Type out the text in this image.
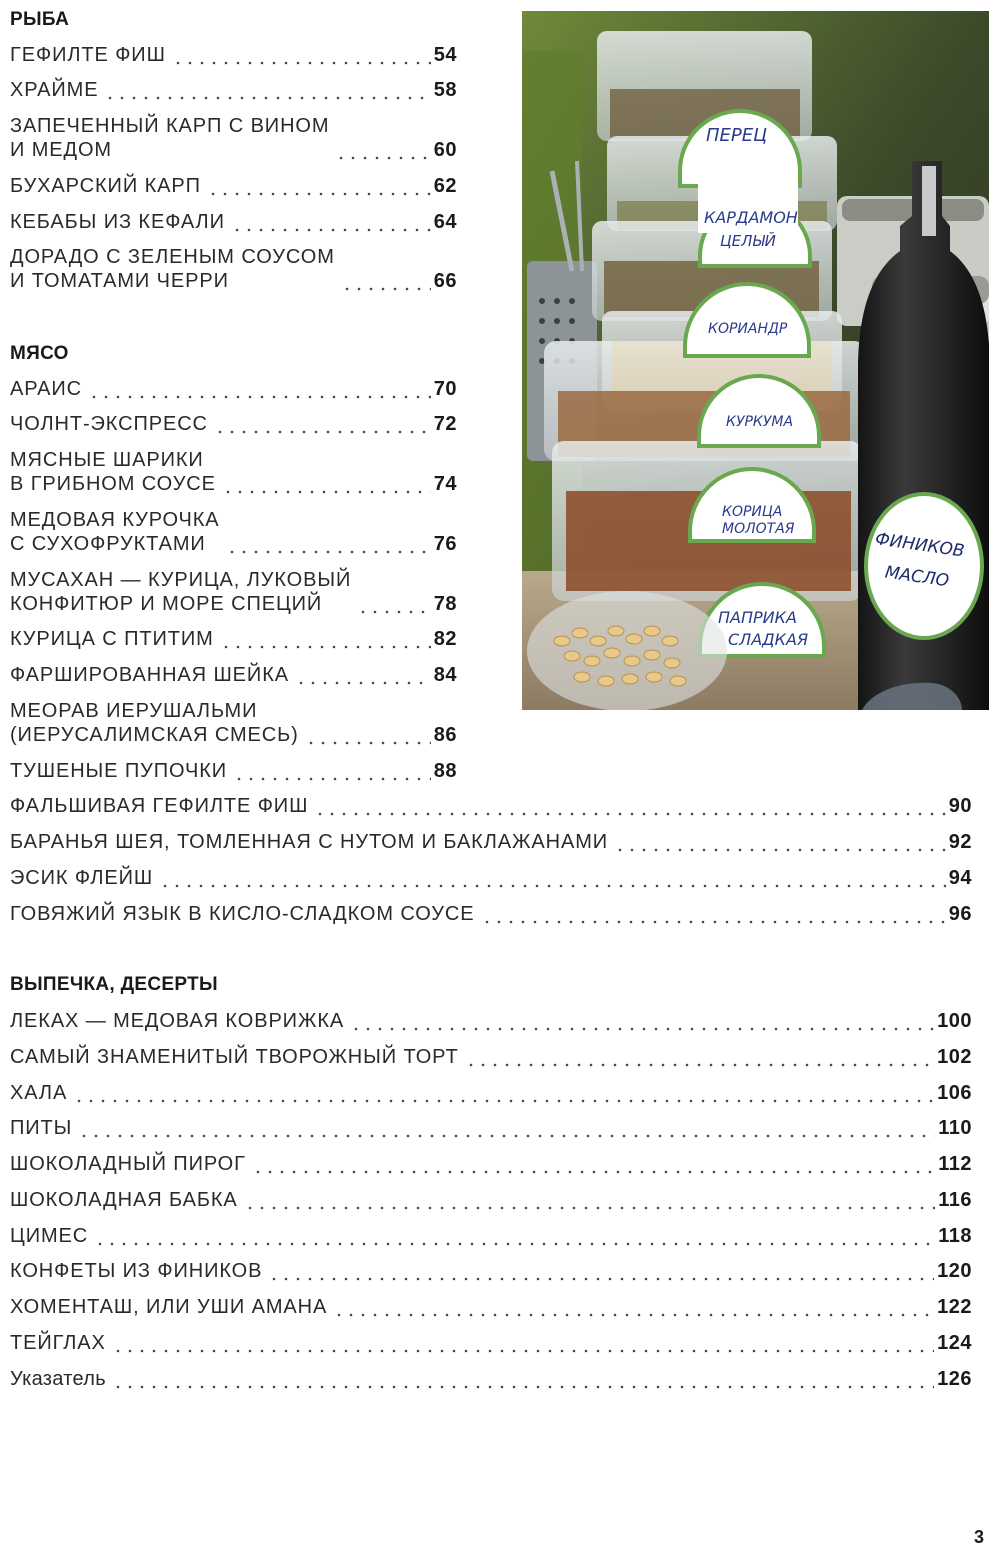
РЫБА
ГЕФИЛТЕ ФИШ	54
ХРАЙМЕ	58
ЗАПЕЧЕННЫЙ КАРП С ВИНОМ
И МЕДОМ	60
БУХАРСКИЙ КАРП	62
КЕБАБЫ ИЗ КЕФАЛИ	64
ДОРАДО С ЗЕЛЕНЫМ СОУСОМ
И ТОМАТАМИ ЧЕРРИ	66
МЯСО
АРАИС	70
ЧОЛНТ-ЭКСПРЕСС	72
МЯСНЫЕ ШАРИКИ
В ГРИБНОМ СОУСЕ	74
МЕДОВАЯ КУРОЧКА
С СУХОФРУКТАМИ	76
МУСАХАН — КУРИЦА, ЛУКОВЫЙ
КОНФИТЮР И МОРЕ СПЕЦИЙ	78
КУРИЦА С ПТИТИМ	82
ФАРШИРОВАННАЯ ШЕЙКА	84
МЕОРАВ ИЕРУШАЛЬМИ
(ИЕРУСАЛИМСКАЯ СМЕСЬ)	86
ТУШЕНЫЕ ПУПОЧКИ	88
ФАЛЬШИВАЯ ГЕФИЛТЕ ФИШ	90
БАРАНЬЯ ШЕЯ, ТОМЛЕННАЯ С НУТОМ И БАКЛАЖАНАМИ	92
ЭСИК ФЛЕЙШ	94
ГОВЯЖИЙ ЯЗЫК В КИСЛО-СЛАДКОМ СОУСЕ	96
ВЫПЕЧКА, ДЕСЕРТЫ
ЛЕКАХ — МЕДОВАЯ КОВРИЖКА	100
САМЫЙ ЗНАМЕНИТЫЙ ТВОРОЖНЫЙ ТОРТ	102
ХАЛА	106
ПИТЫ	110
ШОКОЛАДНЫЙ ПИРОГ	112
ШОКОЛАДНАЯ БАБКА	116
ЦИМЕС	118
КОНФЕТЫ ИЗ ФИНИКОВ	120
ХОМЕНТАШ, ИЛИ УШИ АМАНА	122
ТЕЙГЛАХ	124
Указатель	126
ПЕРЕЦ
КАРДАМОН
ЦЕЛЫЙ
КОРИАНДР
КУРКУМА
КОРИЦА
МОЛОТАЯ
ПАПРИКА
СЛАДКАЯ
ФИНИКОВ
МАСЛО
3
